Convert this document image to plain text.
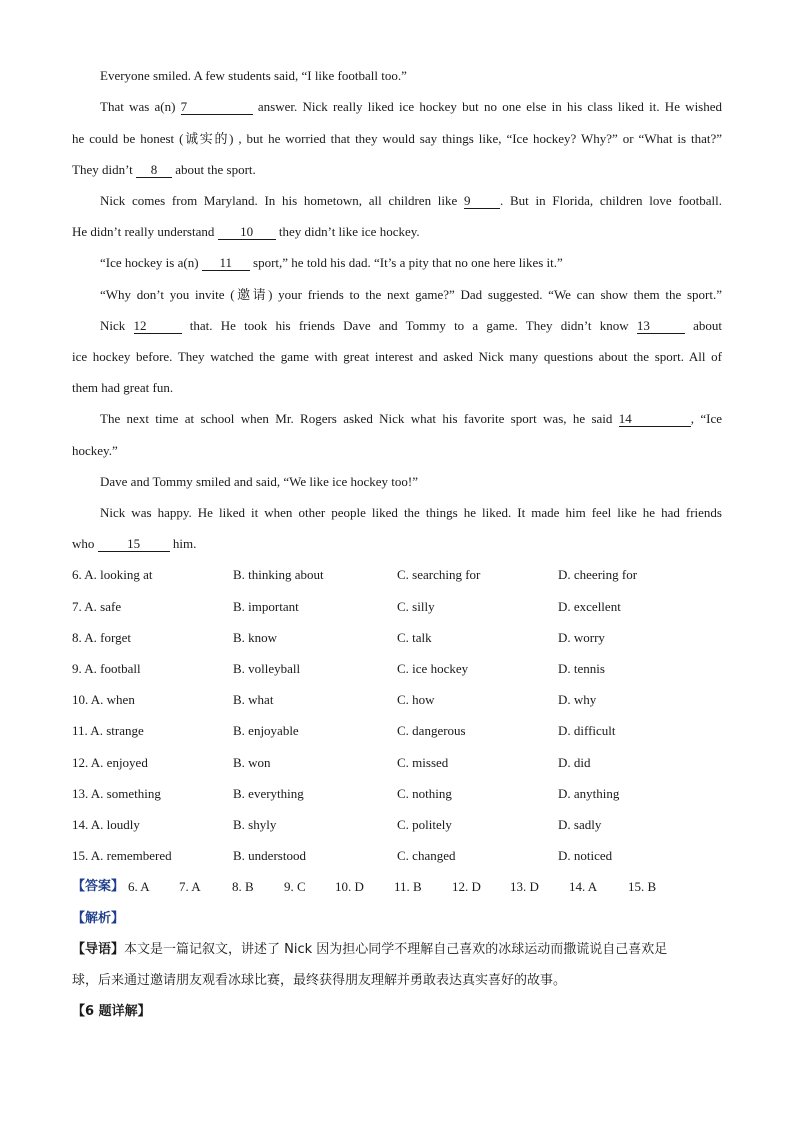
Everyone smiled. A few students said, “I like football too.”
That was a(n) 7	answer. Nick really liked ice hockey but no one else in his class liked it. He wished
he could be honest (诚实的) , but he worried that they would say things like, “Ice hockey? Why?” or “What is that?”
They didn’t 8 about the sport.
Nick comes from Maryland. In his hometown, all children like 9 . But in Florida, children love football.
He didn’t really understand 10 they didn’t like ice hockey.
“Ice hockey is a(n) 11 sport,” he told his dad. “It’s a pity that no one here likes it.”
“Why don’t you invite (邀请) your friends to the next game?” Dad suggested. “We can show them the sport.”
Nick 12	that. He took his friends Dave and Tommy to a game. They didn’t know 13	about
ice hockey before. They watched the game with great interest and asked Nick many questions about the sport. All of
them had great fun.
The next time at school when Mr. Rogers asked Nick what his favorite sport was, he said 14	, “Ice
hockey.”
Dave and Tommy smiled and said, “We like ice hockey too!”
Nick was happy. He liked it when other people liked the things he liked. It made him feel like he had friends
who	15	him.
6. A. looking at	B. thinking about	C. searching for	D. cheering for
7. A. safe	B. important	C. silly	D. excellent
8. A. forget	B. know	C. talk	D. worry
9. A. football	B. volleyball	C. ice hockey	D. tennis
10. A. when	B. what	C. how	D. why
11. A. strange	B. enjoyable	C. dangerous	D. difficult
12. A. enjoyed	B. won	C. missed	D. did
13. A. something	B. everything	C. nothing	D. anything
14. A. loudly	B. shyly	C. politely	D. sadly
15. A. remembered	B. understood	C. changed	D. noticed
【答案】 6. A 7. A 8. B 9. C 10. D 11. B 12. D 13. D 14. A 15. B
【解析】
【导语】本文是一篇记叙文，讲述了 Nick 因为担心同学不理解自己喜欢的冰球运动而撒谎说自己喜欢足
球，后来通过邀请朋友观看冰球比赛，最终获得朋友理解并勇敢表达真实喜好的故事。
【6 题详解】
